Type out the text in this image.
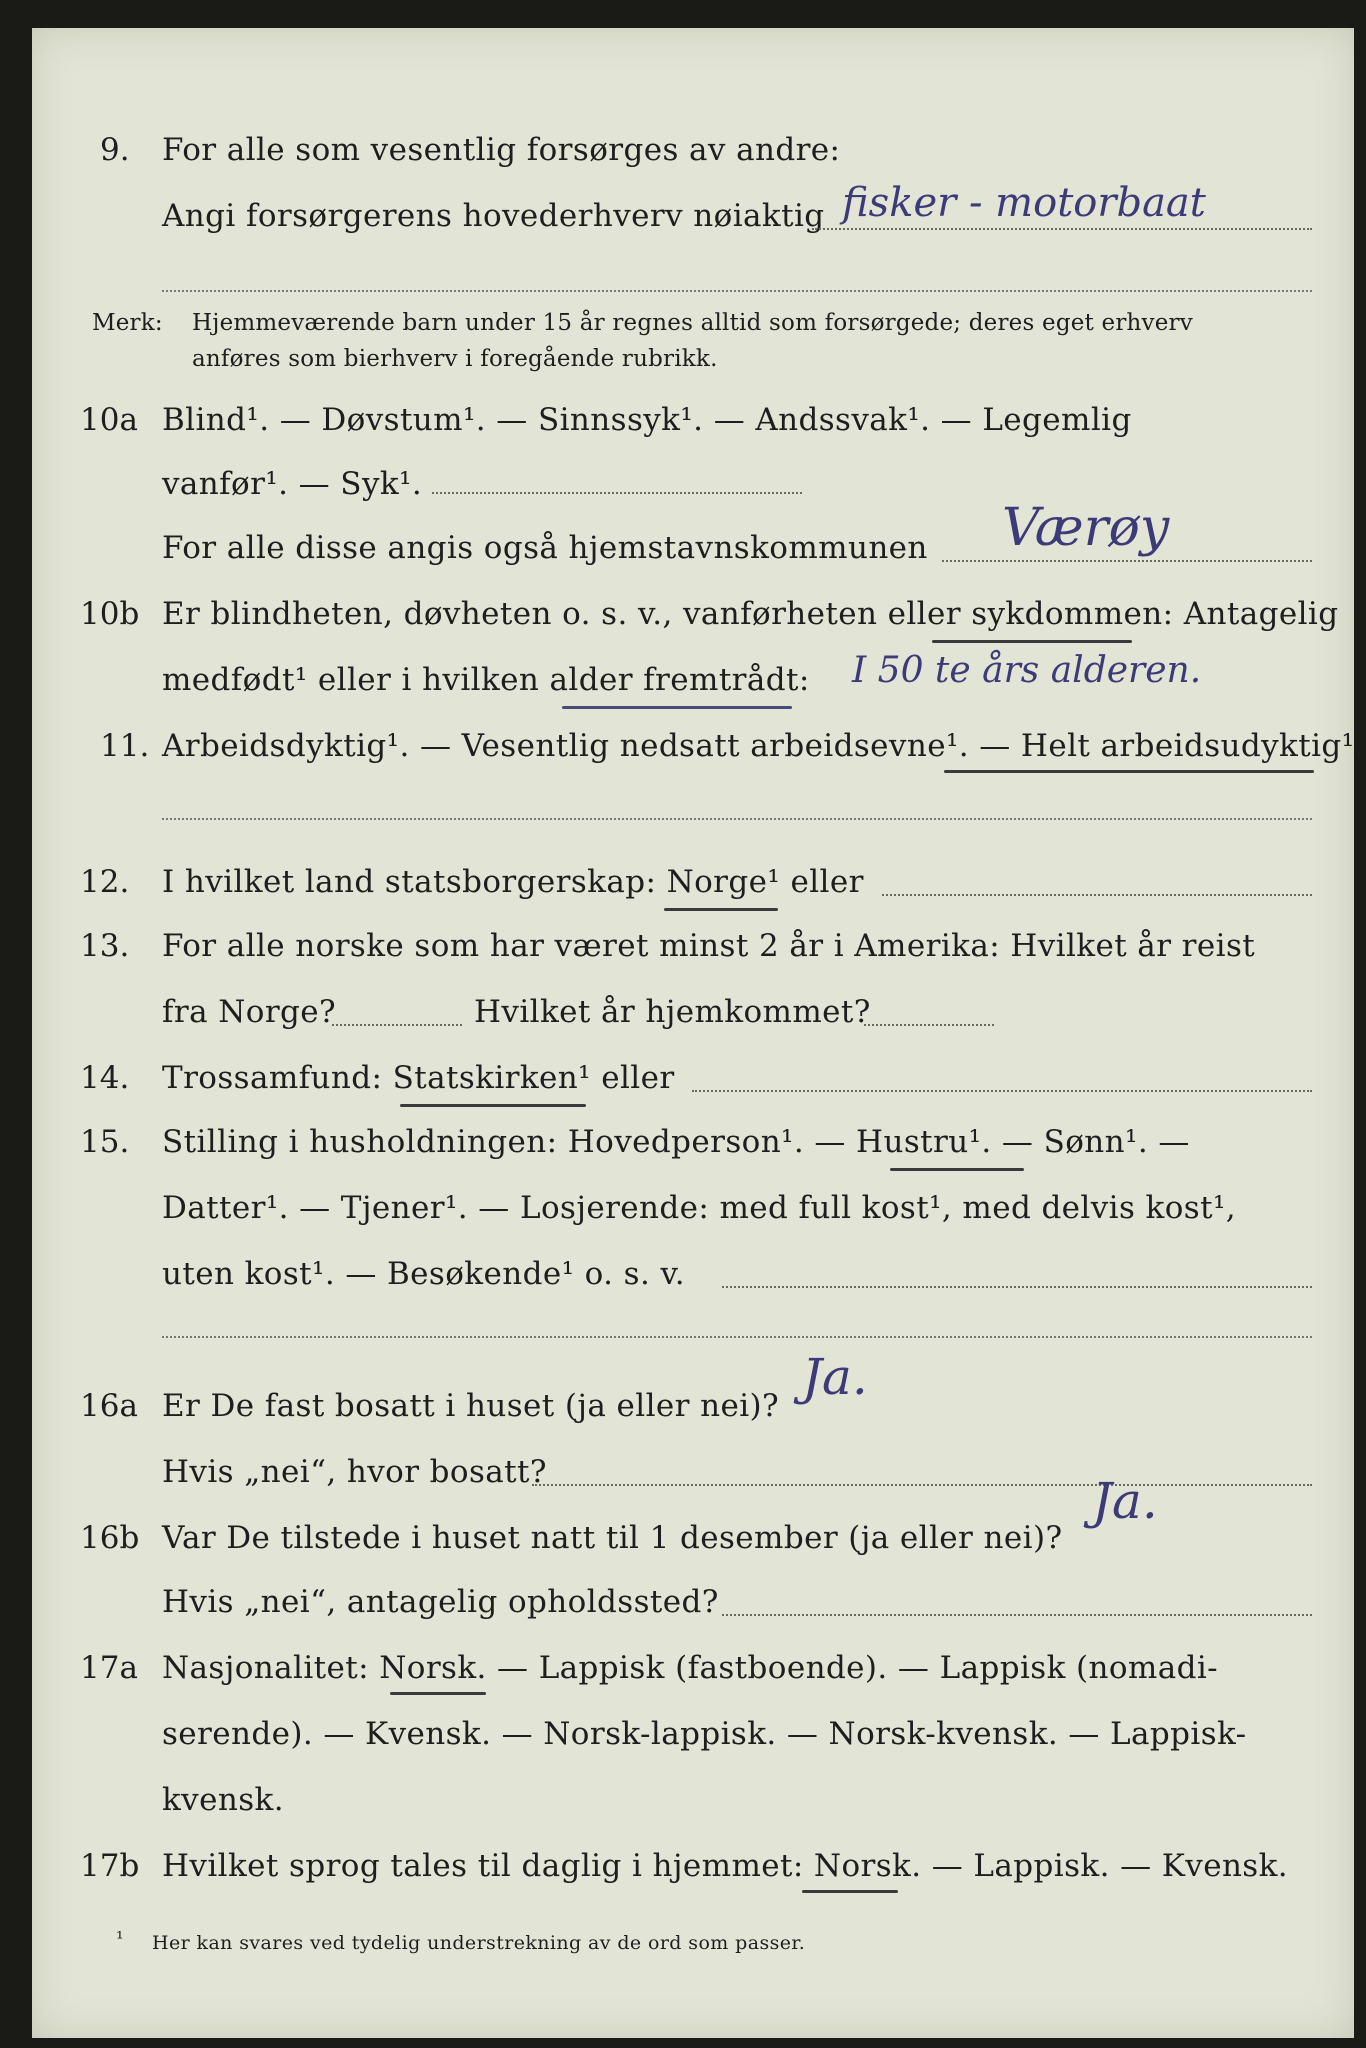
9. For alle som vesentlig forsørges av andre:
Angi forsørgerens hovederhverv nøiaktig fisker - motorbaat
Merk: Hjemmeværende barn under 15 år regnes alltid som forsørgede; deres eget erhverv
anføres som bierhverv i foregående rubrikk.
10a Blind¹. — Døvstum¹. — Sinnssyk¹. — Andssvak¹. — Legemlig
vanfør¹. — Syk¹.
For alle disse angis også hjemstavnskommunen Værøy
10b Er blindheten, døvheten o. s. v., vanførheten eller sykdommen: Antagelig
medfødt¹ eller i hvilken alder fremtrådt: I 50 te års alderen.
11. Arbeidsdyktig¹. — Vesentlig nedsatt arbeidsevne¹. — Helt arbeidsudyktig¹.
12. I hvilket land statsborgerskap: Norge¹ eller
13. For alle norske som har været minst 2 år i Amerika: Hvilket år reist
fra Norge?	Hvilket år hjemkommet?
14. Trossamfund: Statskirken¹ eller
15. Stilling i husholdningen: Hovedperson¹. — Hustru¹. — Sønn¹. —
Datter¹. — Tjener¹. — Losjerende: med full kost¹, med delvis kost¹,
uten kost¹. — Besøkende¹ o. s. v.
16a Er De fast bosatt i huset (ja eller nei)? Ja.
Hvis „nei“, hvor bosatt?
16b Var De tilstede i huset natt til 1 desember (ja eller nei)?
Ja.
Hvis „nei“, antagelig opholdssted?
17a Nasjonalitet: Norsk. — Lappisk (fastboende). — Lappisk (nomadi-
serende). — Kvensk. — Norsk-lappisk. — Norsk-kvensk. — Lappisk-
kvensk.
17b Hvilket sprog tales til daglig i hjemmet: Norsk. — Lappisk. — Kvensk.
¹ Her kan svares ved tydelig understrekning av de ord som passer.
